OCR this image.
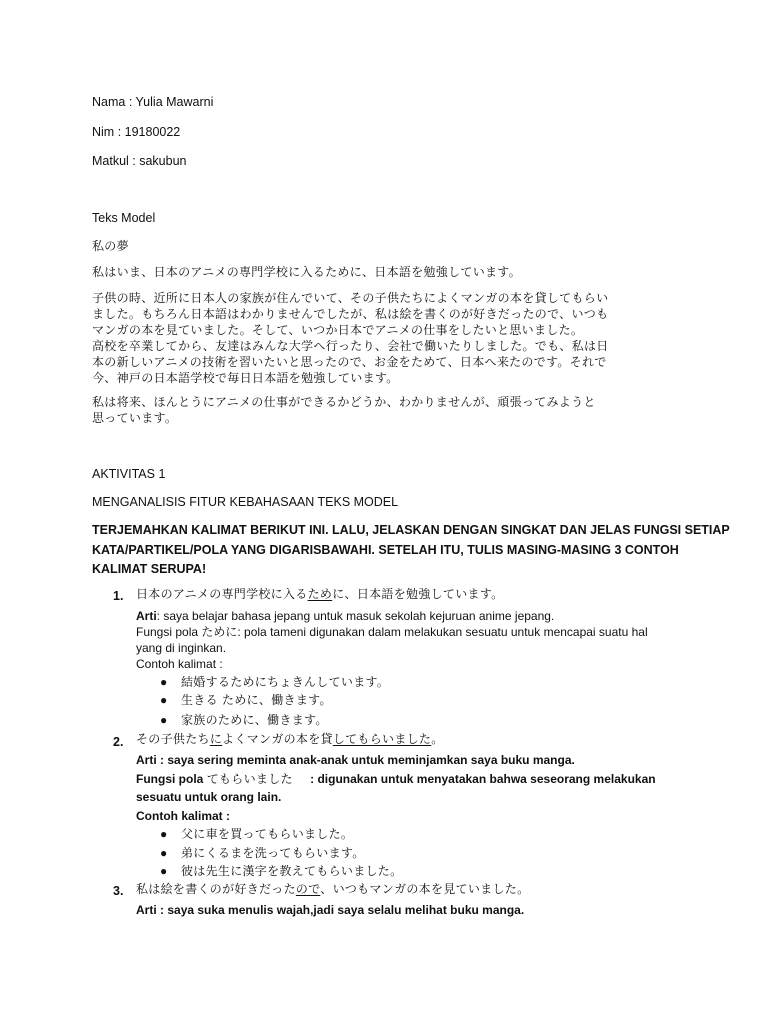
Nama : Yulia Mawarni
Nim : 19180022
Matkul : sakubun
Teks Model
私の夢
私はいま、日本のアニメの専門学校に入るために、日本語を勉強しています。
子供の時、近所に日本人の家族が住んでいて、その子供たちによくマンガの本を貸してもらい
ました。もちろん日本語はわかりませんでしたが、私は絵を書くのが好きだったので、いつも
マンガの本を見ていました。そして、いつか日本でアニメの仕事をしたいと思いました。
高校を卒業してから、友達はみんな大学へ行ったり、会社で働いたりしました。でも、私は日
本の新しいアニメの技術を習いたいと思ったので、お金をためて、日本へ来たのです。それで
今、神戸の日本語学校で毎日日本語を勉強しています。
私は将来、ほんとうにアニメの仕事ができるかどうか、わかりませんが、頑張ってみようと
思っています。
AKTIVITAS 1
MENGANALISIS FITUR KEBAHASAAN TEKS MODEL
TERJEMAHKAN KALIMAT BERIKUT INI. LALU, JELASKAN DENGAN SINGKAT DAN JELAS FUNGSI SETIAP
KATA/PARTIKEL/POLA YANG DIGARISBAWAHI. SETELAH ITU, TULIS MASING-MASING 3 CONTOH
KALIMAT SERUPA!
1. 日本のアニメの専門学校に入るために、日本語を勉強しています。
Arti: saya belajar bahasa jepang untuk masuk sekolah kejuruan anime jepang.
Fungsi pola ために: pola tameni digunakan dalam melakukan sesuatu untuk mencapai suatu hal
yang di inginkan.
Contoh kalimat :
● 結婚するためにちょきんしています。
● 生きる ために、働きます。
● 家族のために、働きます。
2. その子供たちによくマンガの本を貸してもらいました。
Arti : saya sering meminta anak-anak untuk meminjamkan saya buku manga.
Fungsi pola てもらいました : digunakan untuk menyatakan bahwa seseorang melakukan
sesuatu untuk orang lain.
Contoh kalimat :
● 父に車を買ってもらいました。
● 弟にくるまを洗ってもらいます。
● 彼は先生に漢字を教えてもらいました。
3. 私は絵を書くのが好きだったので、いつもマンガの本を見ていました。
Arti : saya suka menulis wajah,jadi saya selalu melihat buku manga.
